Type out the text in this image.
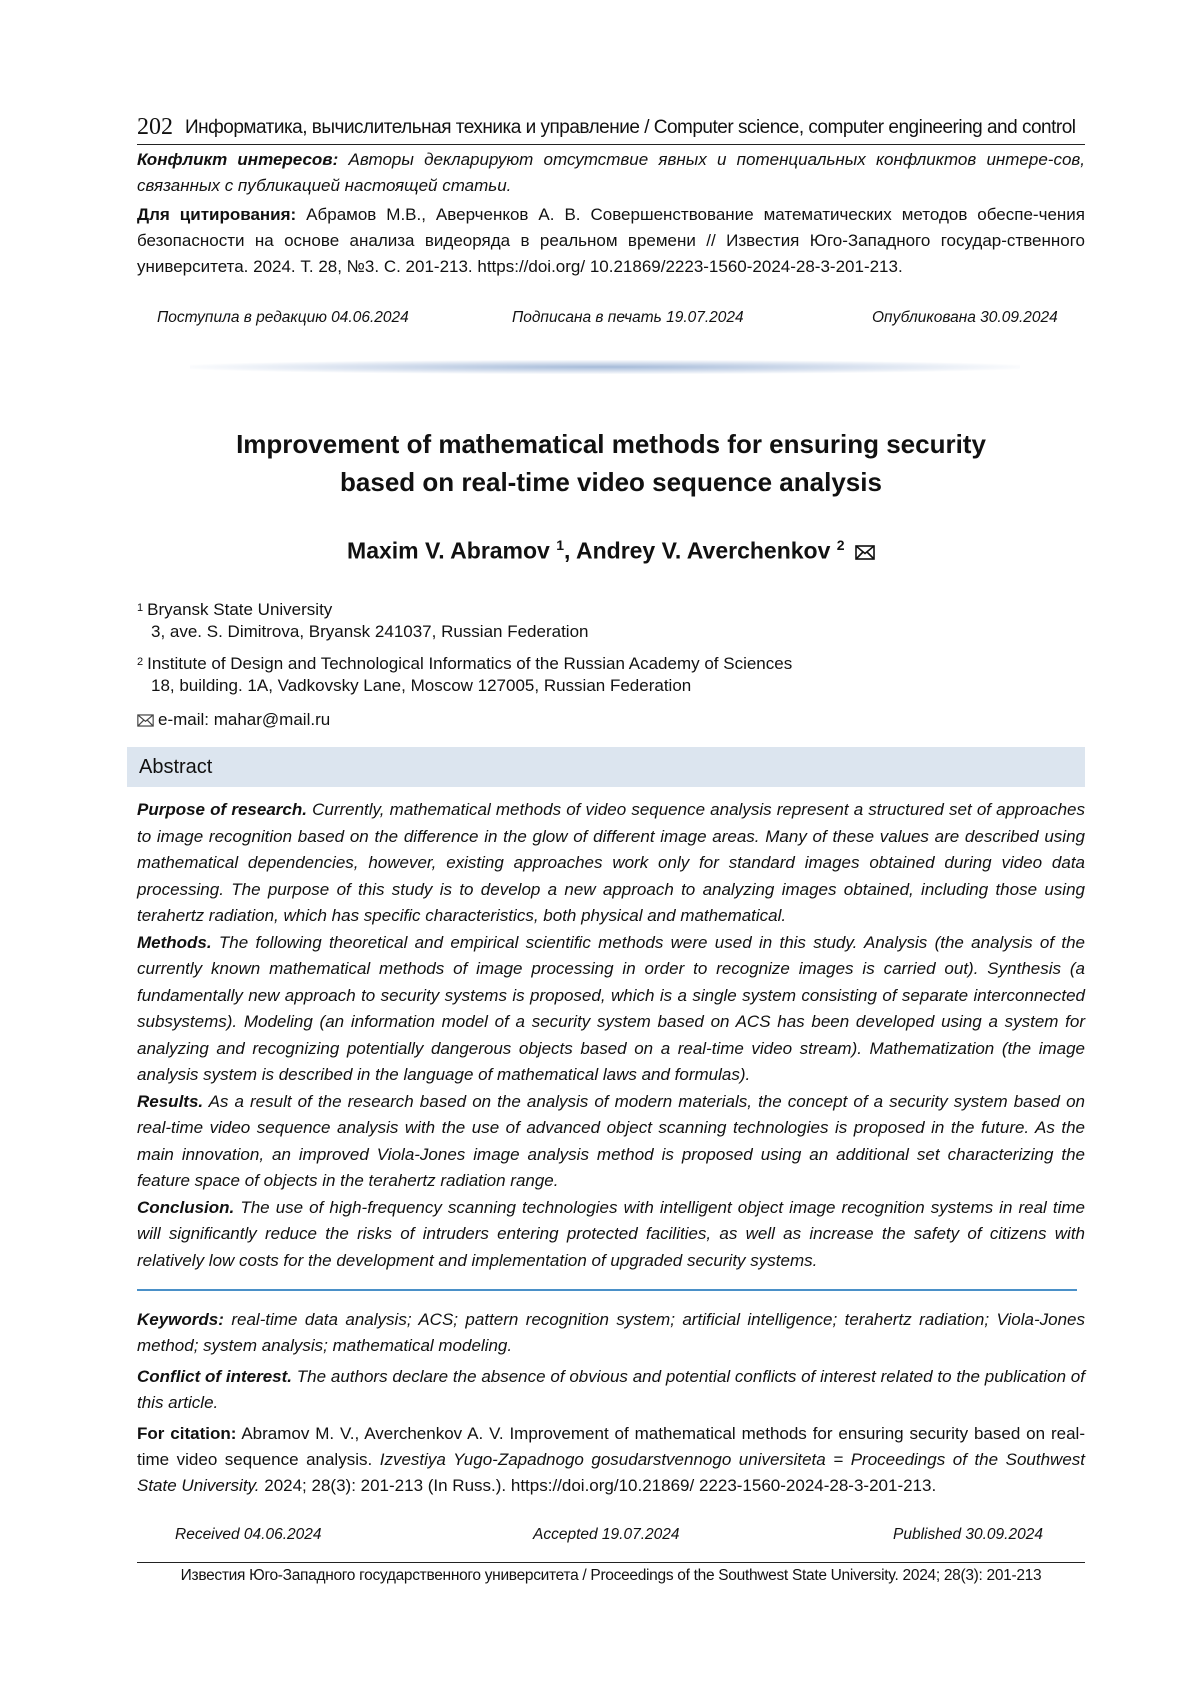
202 Информатика, вычислительная техника и управление / Computer science, computer engineering and control
Конфликт интересов: Авторы декларируют отсутствие явных и потенциальных конфликтов интере-сов, связанных с публикацией настоящей статьи.
Для цитирования: Абрамов М.В., Аверченков А. В. Совершенствование математических методов обеспе-чения безопасности на основе анализа видеоряда в реальном времени // Известия Юго-Западного государ-ственного университета. 2024. Т. 28, №3. С. 201-213. https://doi.org/ 10.21869/2223-1560-2024-28-3-201-213.
Поступила в редакцию 04.06.2024	Подписана в печать 19.07.2024	Опубликована 30.09.2024
Improvement of mathematical methods for ensuring security
based on real-time video sequence analysis
Maxim V. Abramov $^1$, Andrey V. Averchenkov $^2$
$^1$ Bryansk State University
3, ave. S. Dimitrova, Bryansk 241037, Russian Federation
$^2$ Institute of Design and Technological Informatics of the Russian Academy of Sciences
18, building. 1A, Vadkovsky Lane, Moscow 127005, Russian Federation
e-mail: mahar@mail.ru
Abstract

Purpose of research. Currently, mathematical methods of video sequence analysis represent a structured set of approaches to image recognition based on the difference in the glow of different image areas. Many of these values are described using mathematical dependencies, however, existing approaches work only for standard images obtained during video data processing. The purpose of this study is to develop a new approach to analyzing images obtained, including those using terahertz radiation, which has specific characteristics, both physical and mathematical.

Methods. The following theoretical and empirical scientific methods were used in this study. Analysis (the analysis of the currently known mathematical methods of image processing in order to recognize images is carried out). Synthesis (a fundamentally new approach to security systems is proposed, which is a single system consisting of separate interconnected subsystems). Modeling (an information model of a security system based on ACS has been developed using a system for analyzing and recognizing potentially dangerous objects based on a real-time video stream). Mathematization (the image analysis system is described in the language of mathematical laws and formulas).

Results. As a result of the research based on the analysis of modern materials, the concept of a security system based on real-time video sequence analysis with the use of advanced object scanning technologies is proposed in the future. As the main innovation, an improved Viola-Jones image analysis method is proposed using an additional set characterizing the feature space of objects in the terahertz radiation range.

Conclusion. The use of high-frequency scanning technologies with intelligent object image recognition systems in real time will significantly reduce the risks of intruders entering protected facilities, as well as increase the safety of citizens with relatively low costs for the development and implementation of upgraded security systems.

Keywords: real-time data analysis; ACS; pattern recognition system; artificial intelligence; terahertz radiation; Viola-Jones method; system analysis; mathematical modeling.
Conflict of interest. The authors declare the absence of obvious and potential conflicts of interest related to the publication of this article.
For citation: Abramov M. V., Averchenkov A. V. Improvement of mathematical methods for ensuring security based on real-time video sequence analysis. Izvestiya Yugo-Zapadnogo gosudarstvennogo universiteta = Proceedings of the Southwest State University. 2024; 28(3): 201-213 (In Russ.). https://doi.org/10.21869/ 2223-1560-2024-28-3-201-213.
Received 04.06.2024	Accepted 19.07.2024	Published 30.09.2024
Известия Юго-Западного государственного университета / Proceedings of the Southwest State University. 2024; 28(3): 201-213
